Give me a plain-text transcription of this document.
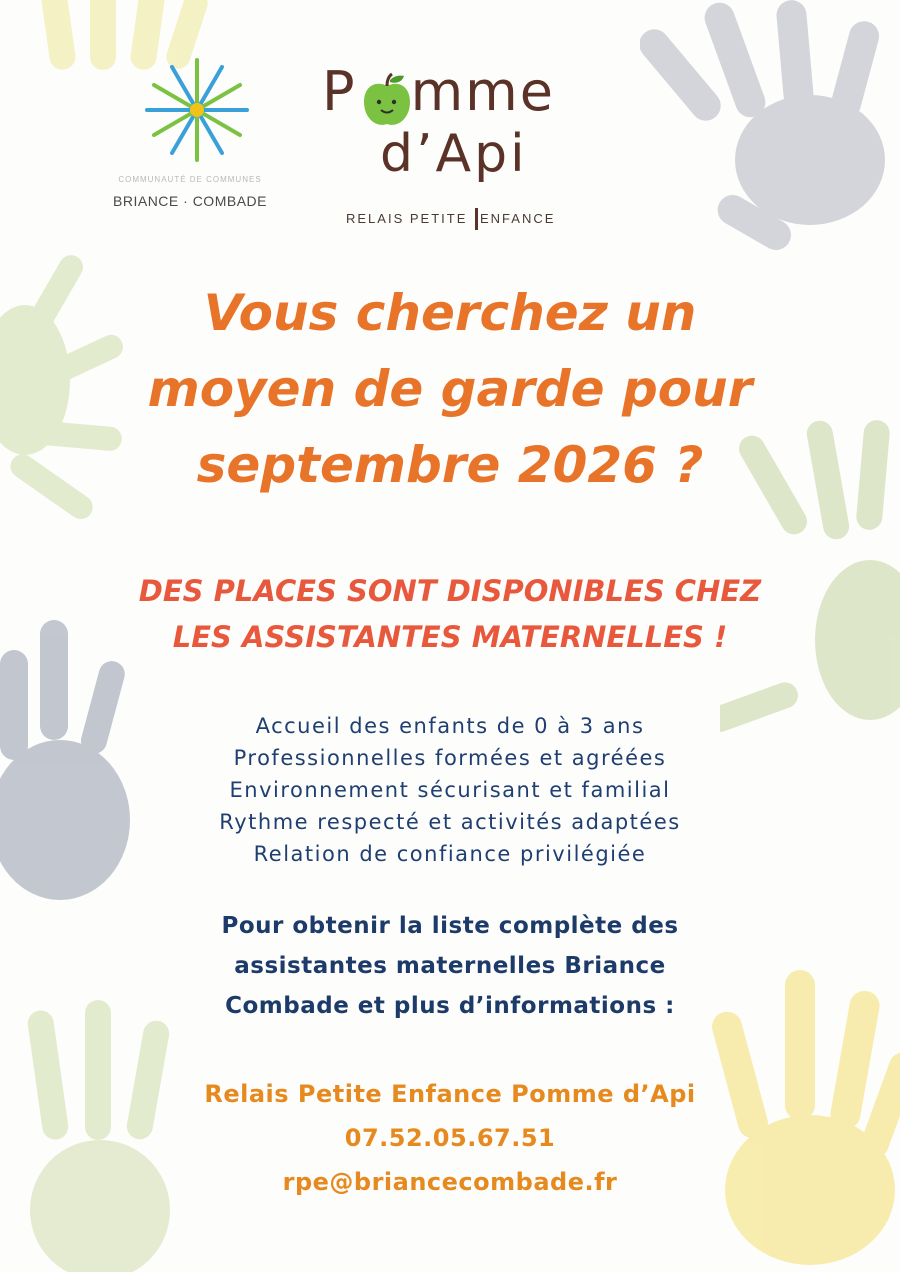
COMMUNAUTÉ DE COMMUNES
BRIANCE · COMBADE
P mme
d’Api
RELAIS PETITE ENFANCE
Vous cherchez un
moyen de garde pour
septembre 2026 ?
DES PLACES SONT DISPONIBLES CHEZ
LES ASSISTANTES MATERNELLES !
Accueil des enfants de 0 à 3 ans
Professionnelles formées et agréées
Environnement sécurisant et familial
Rythme respecté et activités adaptées
Relation de confiance privilégiée
Pour obtenir la liste complète des
assistantes maternelles Briance
Combade et plus d’informations :
Relais Petite Enfance Pomme d’Api
07.52.05.67.51
rpe@briancecombade.fr
